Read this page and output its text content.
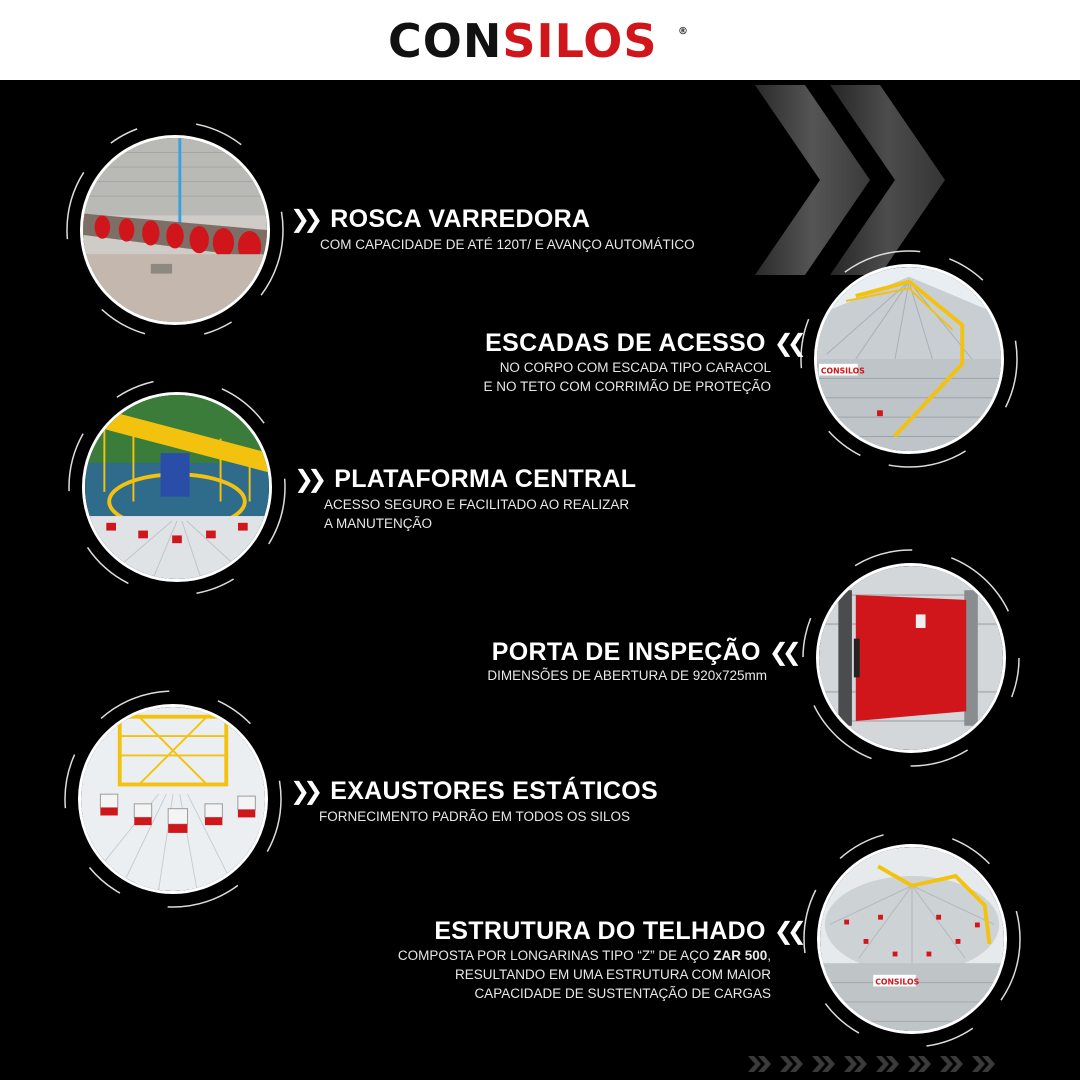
CONSILOS ®
❯❯ ROSCA VARREDORA
COM CAPACIDADE DE ATÉ 120T/ E AVANÇO AUTOMÁTICO
CONSILOS
ESCADAS DE ACESSO ❮❮
NO CORPO COM ESCADA TIPO CARACOL
E NO TETO COM CORRIMÃO DE PROTEÇÃO
❯❯ PLATAFORMA CENTRAL
ACESSO SEGURO E FACILITADO AO REALIZAR
A MANUTENÇÃO
PORTA DE INSPEÇÃO ❮❮
DIMENSÕES DE ABERTURA DE 920x725mm
❯❯ EXAUSTORES ESTÁTICOS
FORNECIMENTO PADRÃO EM TODOS OS SILOS
CONSILOS
ESTRUTURA DO TELHADO ❮❮
COMPOSTA POR LONGARINAS TIPO “Z” DE AÇO ZAR 500,
RESULTANDO EM UMA ESTRUTURA COM MAIOR
CAPACIDADE DE SUSTENTAÇÃO DE CARGAS
